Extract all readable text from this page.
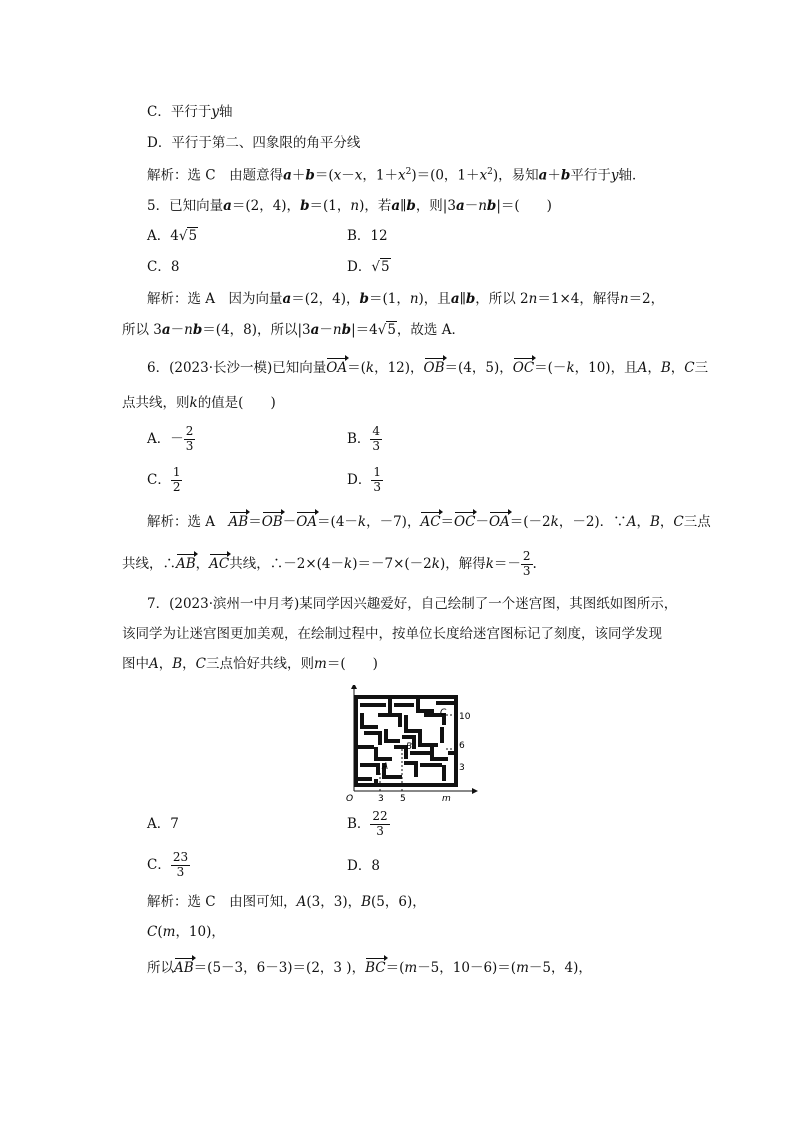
C．平行于y轴
D．平行于第二、四象限的角平分线
解析：选 C　由题意得a＋b＝(x－x，$1+x^2)=(0$，$1+x^2$)，易知a＋b平行于y轴．
5．已知向量a＝(2，4)，b＝(1，n)，若a∥b，则|3a－nb|＝(　　)
A．4√5	B．12
C．8	D．√5
解析：选 A　因为向量a＝(2，4)，b＝(1，n)，且a∥b，所以 2n＝1×4，解得n＝2，
所以 3a－nb＝(4，8)，所以|3a－nb|＝4√5，故选 A．
6．(2023·长沙一模)已知向量OA＝(k，12)，OB＝(4，5)，OC＝(－k，10)，且A，B，C三
点共线，则k的值是(　　)
A．－ $\frac{2}{3}$	B． $\frac{4}{3}$
C． $\frac{1}{2}$	D． $\frac{1}{3}$
解析：选 A　AB＝OB－OA＝(4－k，－7)，AC＝OC－OA＝(－2k，－2)．∵A，B，C三点
共线，∴AB，AC共线，∴－2×(4－k)＝－7×(－2k)，解得$k=- \frac{2}{3}$ .
7．(2023·滨州一中月考)某同学因兴趣爱好，自己绘制了一个迷宫图，其图纸如图所示，
该同学为让迷宫图更加美观，在绘制过程中，按单位长度给迷宫图标记了刻度，该同学发现
图中A，B，C三点恰好共线，则m＝(　　)
O	3 5	m
3
6
10
A
B
C
A．7	B． $\frac{22}{3}$
C． $\frac{23}{3}$	D．8
解析：选 C　由图可知，A(3，3)，B(5，6)，
C(m，10)，
所以AB＝(5－3，6－3)＝(2，3 )，BC＝(m－5，10－6)＝(m－5，4)，
